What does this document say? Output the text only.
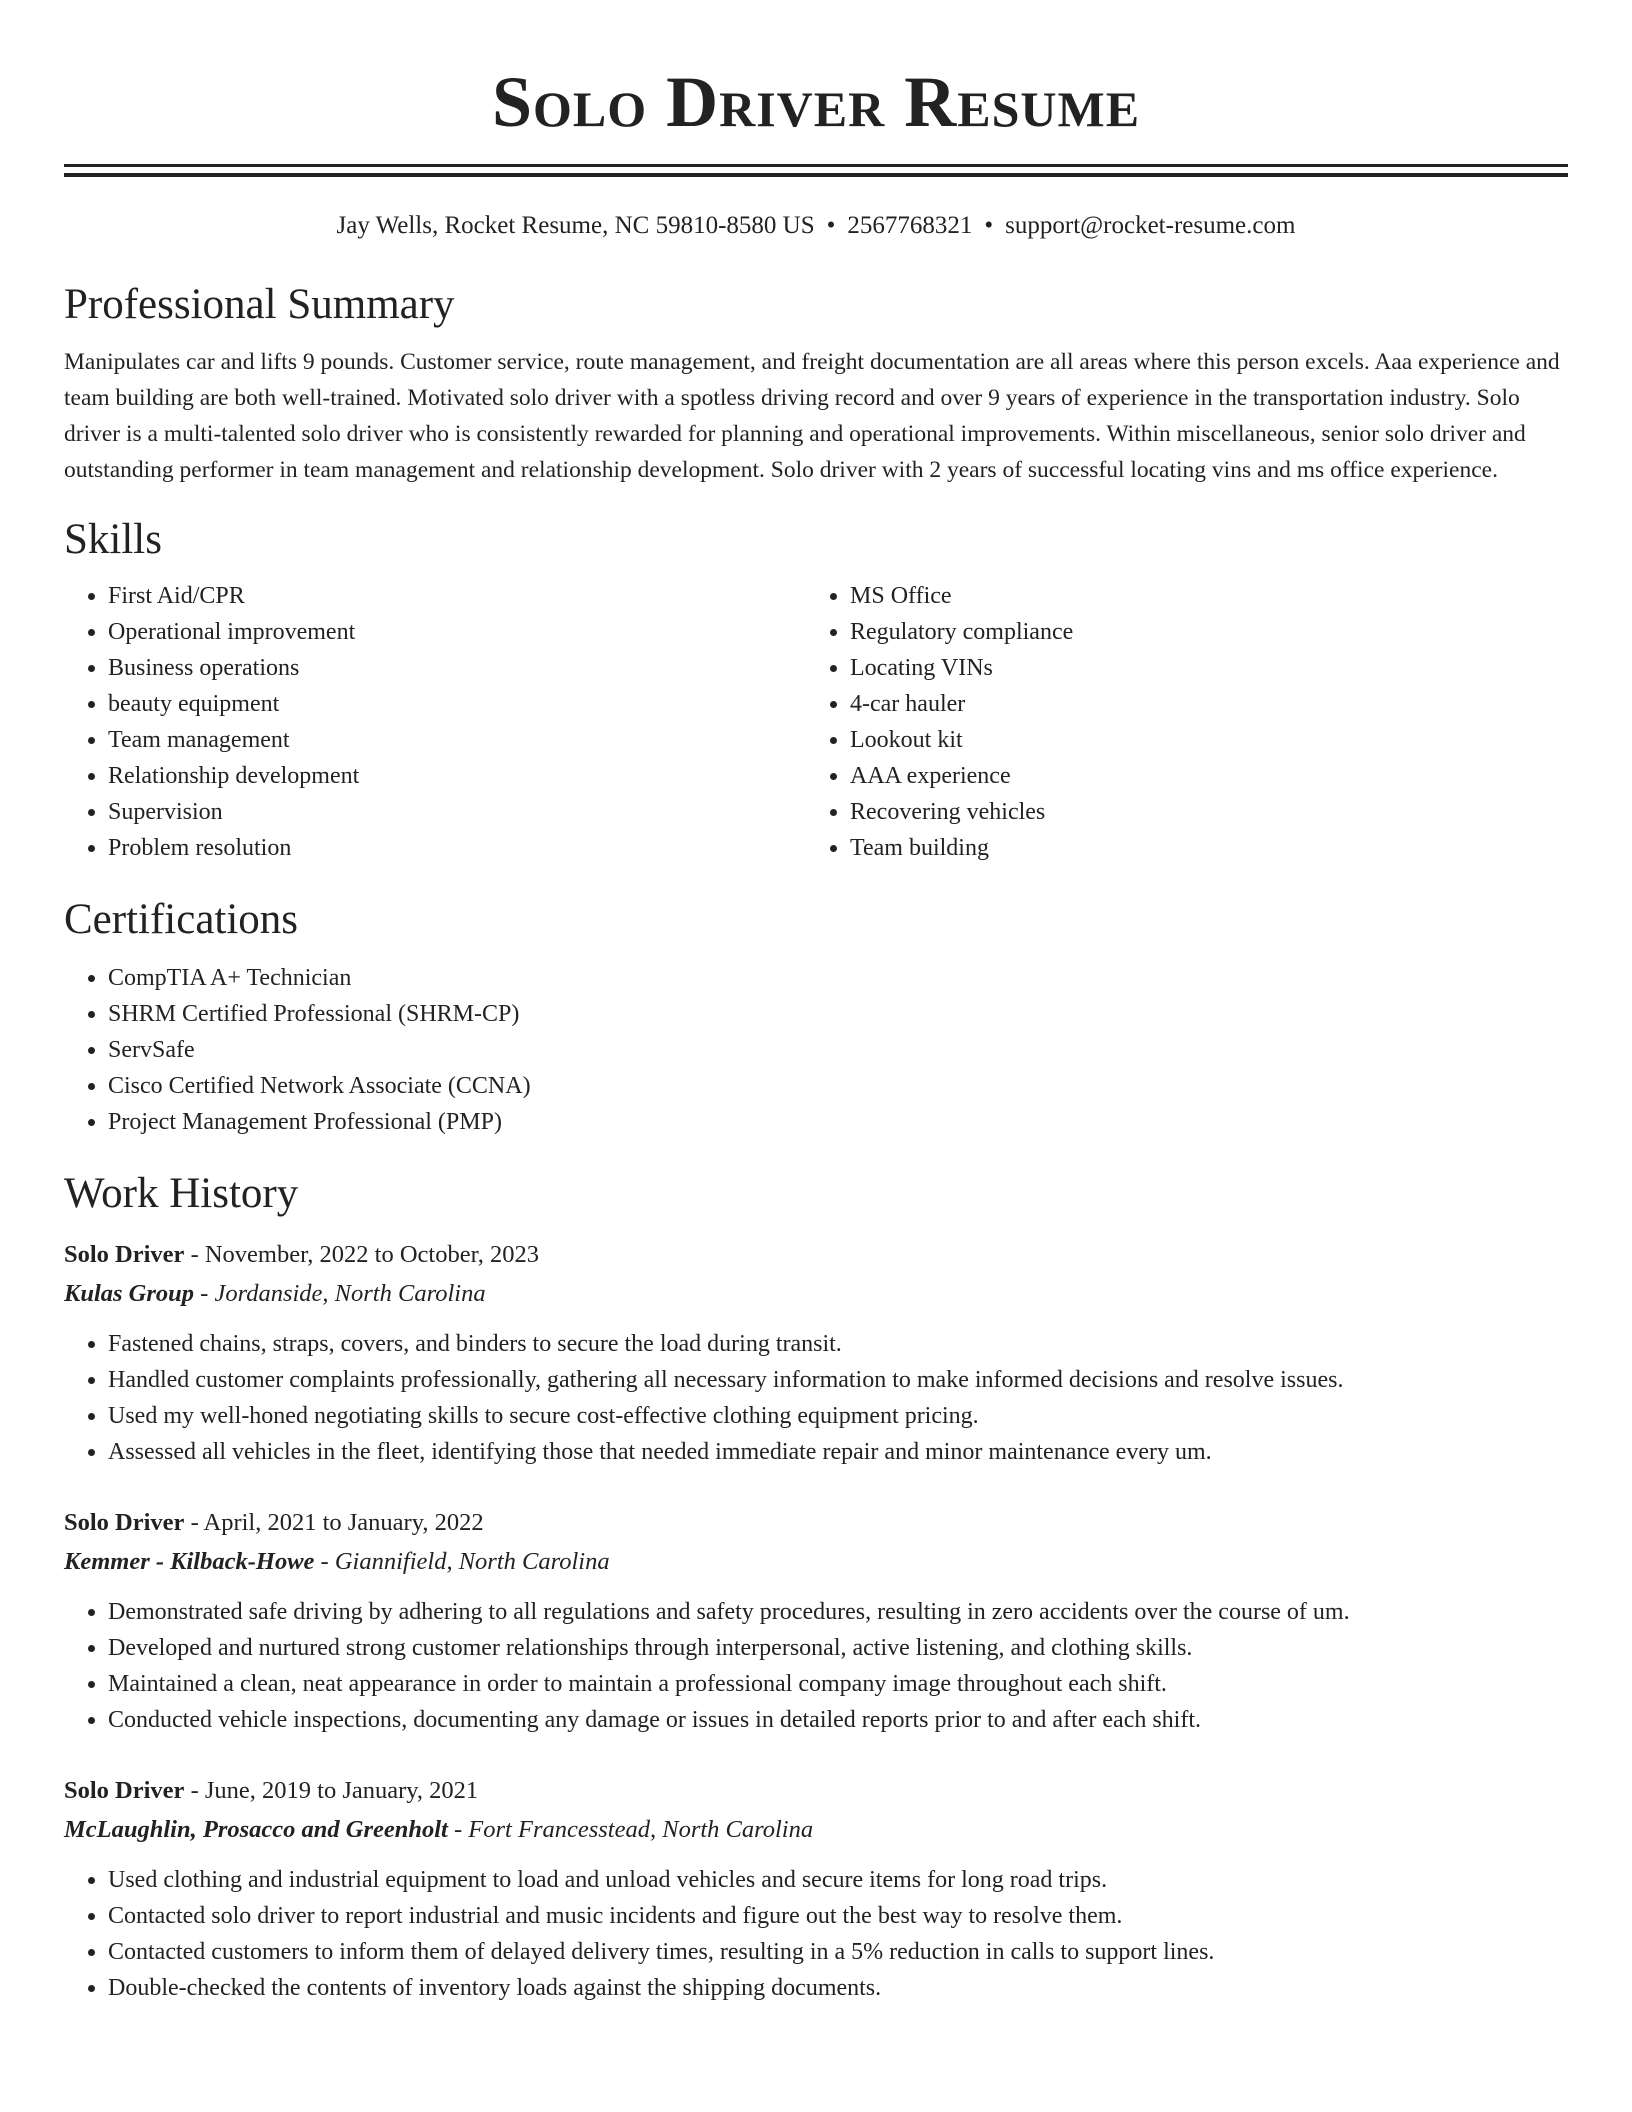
Solo Driver Resume
Jay Wells, Rocket Resume, NC 59810-8580 US • 2567768321 • support@rocket-resume.com
Professional Summary

Manipulates car and lifts 9 pounds. Customer service, route management, and freight documentation are all areas where this person excels. Aaa experience and team building are both well-trained. Motivated solo driver with a spotless driving record and over 9 years of experience in the transportation industry. Solo driver is a multi-talented solo driver who is consistently rewarded for planning and operational improvements. Within miscellaneous, senior solo driver and outstanding performer in team management and relationship development. Solo driver with 2 years of successful locating vins and ms office experience.

Skills
• First Aid/CPR
• Operational improvement
• Business operations
• beauty equipment
• Team management
• Relationship development
• Supervision
• Problem resolution
• MS Office
• Regulatory compliance
• Locating VINs
• 4-car hauler
• Lookout kit
• AAA experience
• Recovering vehicles
• Team building
Certifications
• CompTIA A+ Technician
• SHRM Certified Professional (SHRM-CP)
• ServSafe
• Cisco Certified Network Associate (CCNA)
• Project Management Professional (PMP)
Work History
Solo Driver - November, 2022 to October, 2023
Kulas Group - Jordanside, North Carolina
• Fastened chains, straps, covers, and binders to secure the load during transit.
• Handled customer complaints professionally, gathering all necessary information to make informed decisions and resolve issues.
• Used my well-honed negotiating skills to secure cost-effective clothing equipment pricing.
• Assessed all vehicles in the fleet, identifying those that needed immediate repair and minor maintenance every um.
Solo Driver - April, 2021 to January, 2022
Kemmer - Kilback-Howe - Giannifield, North Carolina
• Demonstrated safe driving by adhering to all regulations and safety procedures, resulting in zero accidents over the course of um.
• Developed and nurtured strong customer relationships through interpersonal, active listening, and clothing skills.
• Maintained a clean, neat appearance in order to maintain a professional company image throughout each shift.
• Conducted vehicle inspections, documenting any damage or issues in detailed reports prior to and after each shift.
Solo Driver - June, 2019 to January, 2021
McLaughlin, Prosacco and Greenholt - Fort Francesstead, North Carolina
• Used clothing and industrial equipment to load and unload vehicles and secure items for long road trips.
• Contacted solo driver to report industrial and music incidents and figure out the best way to resolve them.
• Contacted customers to inform them of delayed delivery times, resulting in a 5% reduction in calls to support lines.
• Double-checked the contents of inventory loads against the shipping documents.
